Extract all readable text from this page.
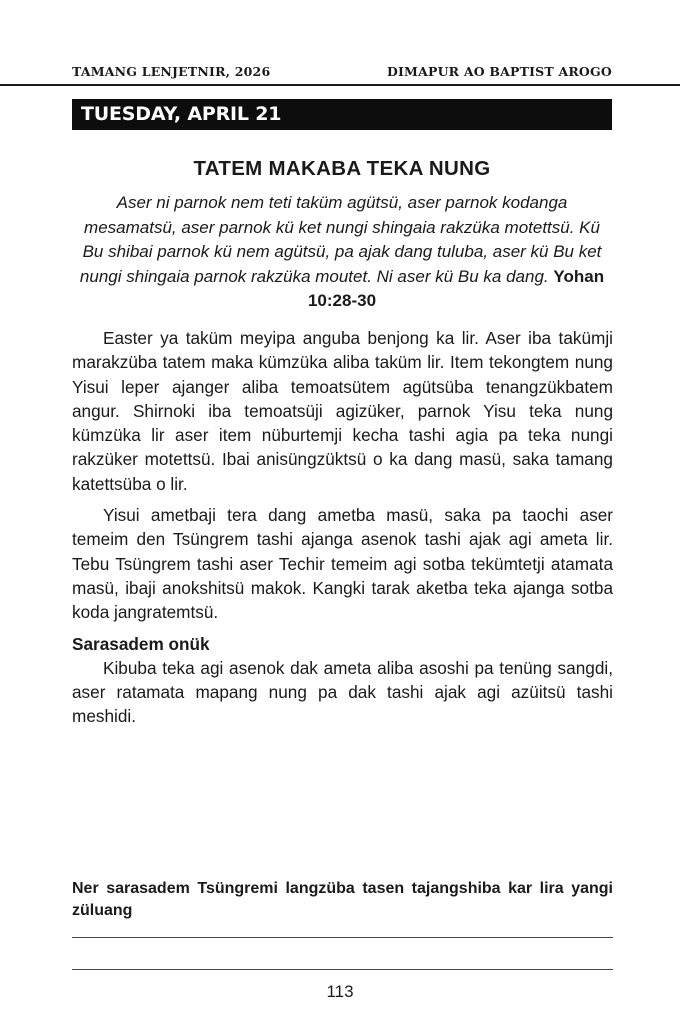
TAMANG LENJETNIR, 2026	DIMAPUR AO BAPTIST AROGO
TUESDAY, APRIL 21
TATEM MAKABA TEKA NUNG
Aser ni parnok nem teti taküm agütsü, aser parnok kodanga mesamatsü, aser parnok kü ket nungi shingaia rakzüka motettsü. Kü Bu shibai parnok kü nem agütsü, pa ajak dang tuluba, aser kü Bu ket nungi shingaia parnok rakzüka moutet. Ni aser kü Bu ka dang. Yohan 10:28-30

Easter ya taküm meyipa anguba benjong ka lir. Aser iba takümji marakzüba tatem maka kümzüka aliba taküm lir. Item tekongtem nung Yisui leper ajanger aliba temoatsütem agütsüba tenangzükbatem angur. Shirnoki iba temoatsüji agizüker, parnok Yisu teka nung kümzüka lir aser item nüburtemji kecha tashi agia pa teka nungi rakzüker motettsü. Ibai anisüngzüktsü o ka dang masü, saka tamang katettsüba o lir.

Yisui ametbaji tera dang ametba masü, saka pa taochi aser temeim den Tsüngrem tashi ajanga asenok tashi ajak agi ameta lir. Tebu Tsüngrem tashi aser Techir temeim agi sotba tekümtetji atamata masü, ibaji anokshitsü makok. Kangki tarak aketba teka ajanga sotba koda jangratemtsü.

Sarasadem onük

Kibuba teka agi asenok dak ameta aliba asoshi pa tenüng sangdi, aser ratamata mapang nung pa dak tashi ajak agi azüitsü tashi meshidi.

Ner sarasadem Tsüngremi langzüba tasen tajangshiba kar lira yangi züluang
113
